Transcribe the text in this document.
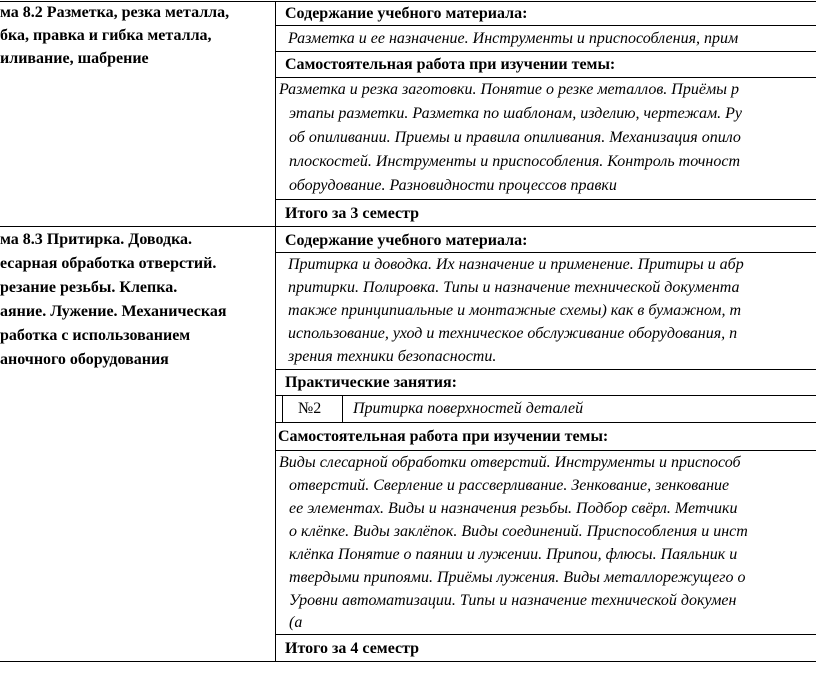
ма 8.2 Разметка, резка металла,
бка, правка и гибка металла,
иливание, шабрение
Содержание учебного материала:
Разметка и ее назначение. Инструменты и приспособления, прим
Самостоятельная работа при изучении темы:
Разметка и резка заготовки. Понятие о резке металлов. Приёмы р
этапы разметки. Разметка по шаблонам, изделию, чертежам. Ру
об опиливании. Приемы и правила опиливания. Механизация опило
плоскостей. Инструменты и приспособления. Контроль точност
оборудование. Разновидности процессов правки
Итого за 3 семестр
ма 8.3 Притирка. Доводка.
есарная обработка отверстий.
резание резьбы. Клепка.
аяние. Лужение. Механическая
работка с использованием
аночного оборудования
Содержание учебного материала:
Притирка и доводка. Их назначение и применение. Притиры и абр
притирки. Полировка. Типы и назначение технической документа
также принципиальные и монтажные схемы) как в бумажном, т
использование, уход и техническое обслуживание оборудования, п
зрения техники безопасности.
Практические занятия:
№2 Притирка поверхностей деталей
Самостоятельная работа при изучении темы:
Виды слесарной обработки отверстий. Инструменты и приспособ
отверстий. Сверление и рассверливание. Зенкование, зенкование
ее элементах. Виды и назначения резьбы. Подбор свёрл. Метчики
о клёпке. Виды заклёпок. Виды соединений. Приспособления и инст
клёпка Понятие о паянии и лужении. Припои, флюсы. Паяльник и
твердыми припоями. Приёмы лужения. Виды металлорежущего о
Уровни автоматизации. Типы и назначение технической докумен
(а
Итого за 4 семестр
